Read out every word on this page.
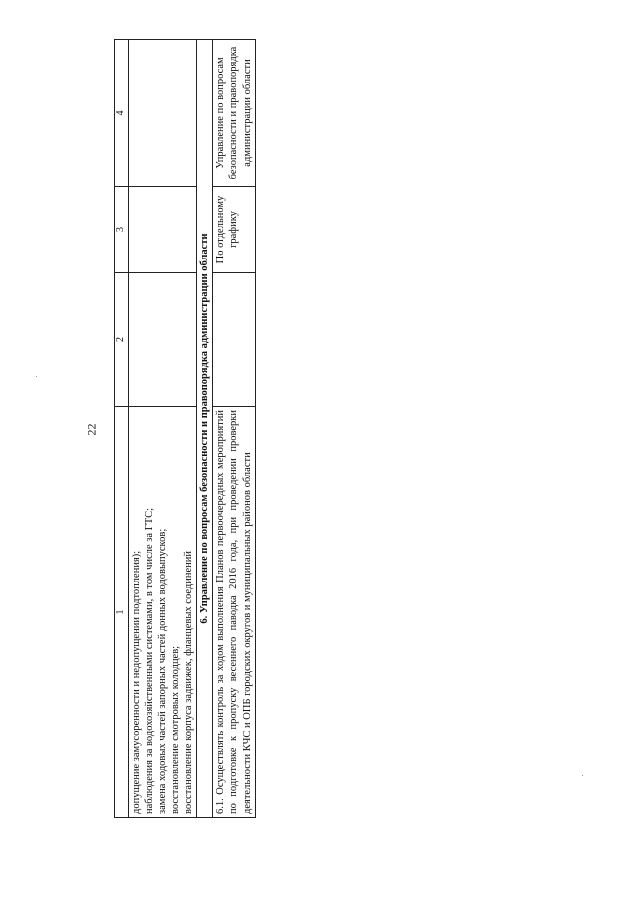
22
1	2	3	4

допущение замусоренности и недопущении подтопления); наблюдения за водохозяйственными системами, в том числе за ГТС; замена ходовых частей запорных частей донных водовыпусков; восстановление смотровых колодцев; восстановление корпуса задвижек, фланцевых соединений			

6. Управление по вопросам безопасности и правопорядка администрации области			
6.1. Осуществлять контроль за ходом выполнения Планов первоочередных мероприятий по подготовке к пропуску весеннего паводка 2016 года, при проведении проверки деятельности КЧС и ОПБ городских округов и муниципальных районов области		По отдельному графику	Управление по вопросам безопасности и правопорядка администрации области
